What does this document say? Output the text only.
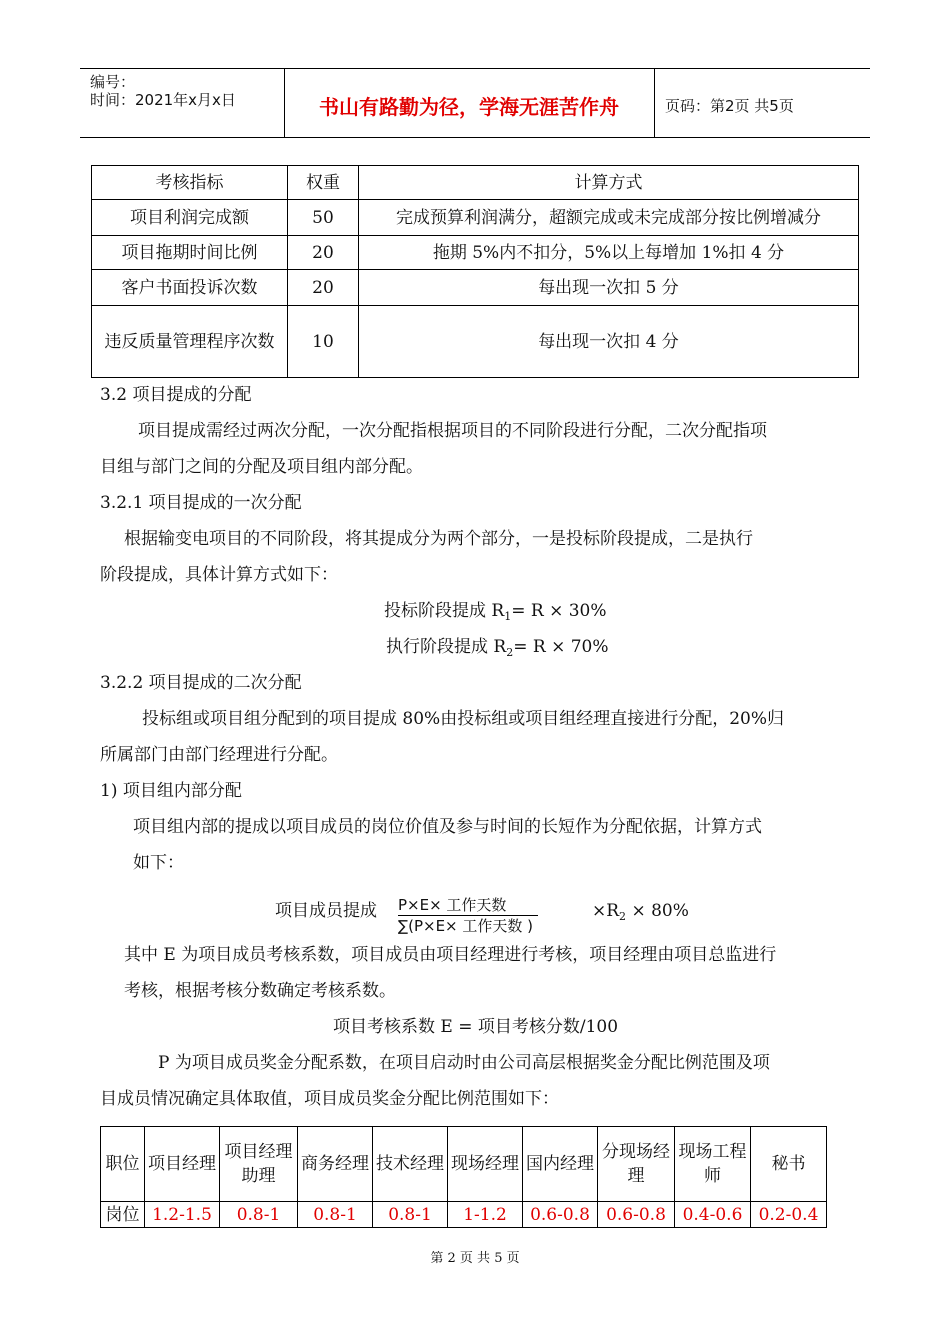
编号：
时间：2021年x月x日	书山有路勤为径，学海无涯苦作舟	页码：第2页 共5页
考核指标	权重	计算方式
项目利润完成额	50	完成预算利润满分，超额完成或未完成部分按比例增减分
项目拖期时间比例	20	拖期 5%内不扣分，5%以上每增加 1%扣 4 分
客户书面投诉次数	20	每出现一次扣 5 分
违反质量管理程序次数	10	每出现一次扣 4 分
3.2 项目提成的分配
项目提成需经过两次分配，一次分配指根据项目的不同阶段进行分配，二次分配指项
目组与部门之间的分配及项目组内部分配。
3.2.1 项目提成的一次分配
根据输变电项目的不同阶段，将其提成分为两个部分，一是投标阶段提成，二是执行
阶段提成，具体计算方式如下：
投标阶段提成 $R_1= R \times 30\%$
执行阶段提成 $R_2= R \times 70\%$
3.2.2 项目提成的二次分配
投标组或项目组分配到的项目提成 80%由投标组或项目组经理直接进行分配，20%归
所属部门由部门经理进行分配。
1) 项目组内部分配
项目组内部的提成以项目成员的岗位价值及参与时间的长短作为分配依据，计算方式
如下：
项目成员提成 P×E× 工作天数
∑(P×E× 工作天数 )
$\times R_2 \times 80\%$
其中 E 为项目成员考核系数，项目成员由项目经理进行考核，项目经理由项目总监进行
考核，根据考核分数确定考核系数。
项目考核系数 E = 项目考核分数/100
P 为项目成员奖金分配系数，在项目启动时由公司高层根据奖金分配比例范围及项
目成员情况确定具体取值，项目成员奖金分配比例范围如下：
职位	项目经理	项目经理助理	商务经理	技术经理	现场经理	国内经理	分现场经理	现场工程师	秘书
岗位	1.2-1.5	0.8-1	0.8-1	0.8-1	1-1.2	0.6-0.8	0.6-0.8	0.4-0.6	0.2-0.4
第 2 页 共 5 页
